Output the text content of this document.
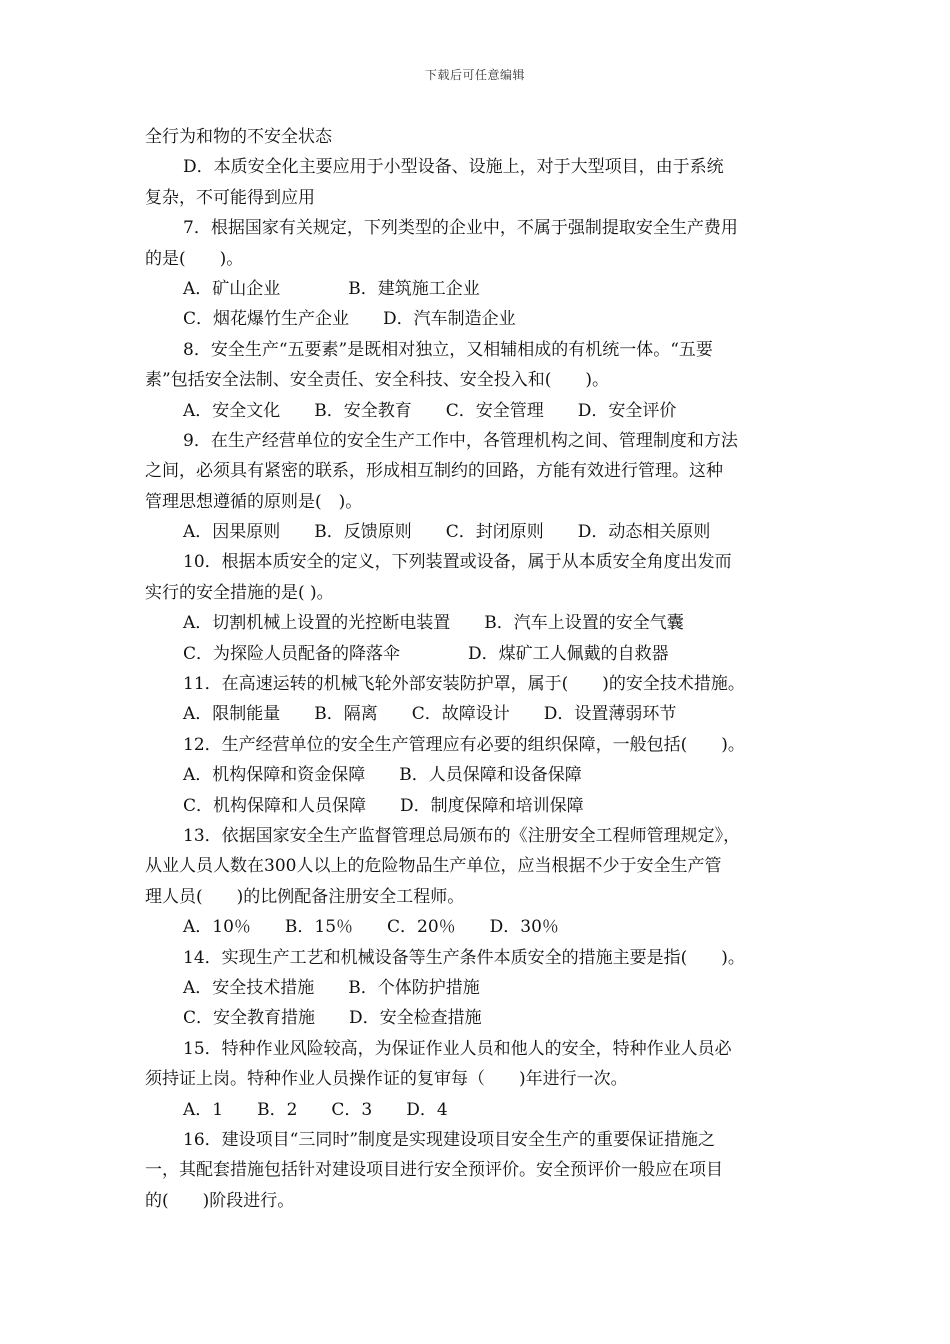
下载后可任意编辑
全行为和物的不安全状态
D．本质安全化主要应用于小型设备、设施上，对于大型项目，由于系统
复杂，不可能得到应用
7．根据国家有关规定，下列类型的企业中，不属于强制提取安全生产费用
的是(　　)。
A．矿山企业　　　　B．建筑施工企业
C．烟花爆竹生产企业　　D．汽车制造企业
8．安全生产“五要素”是既相对独立，又相辅相成的有机统一体。“五要
素”包括安全法制、安全责任、安全科技、安全投入和(　　)。
A．安全文化　　B．安全教育　　C．安全管理　　D．安全评价
9．在生产经营单位的安全生产工作中，各管理机构之间、管理制度和方法
之间，必须具有紧密的联系，形成相互制约的回路，方能有效进行管理。这种
管理思想遵循的原则是(　)。
A．因果原则　　B．反馈原则　　C．封闭原则　　D．动态相关原则
10．根据本质安全的定义，下列装置或设备，属于从本质安全角度出发而
实行的安全措施的是( )。
A．切割机械上设置的光控断电装置　　B．汽车上设置的安全气囊
C．为探险人员配备的降落伞　　　　D．煤矿工人佩戴的自救器
11．在高速运转的机械飞轮外部安装防护罩，属于(　　)的安全技术措施。
A．限制能量　　B．隔离　　C．故障设计　　D．设置薄弱环节
12．生产经营单位的安全生产管理应有必要的组织保障，一般包括(　　)。
A．机构保障和资金保障　　B．人员保障和设备保障
C．机构保障和人员保障　　D．制度保障和培训保障
13．依据国家安全生产监督管理总局颁布的《注册安全工程师管理规定》，
从业人员人数在300人以上的危险物品生产单位，应当根据不少于安全生产管
理人员(　　)的比例配备注册安全工程师。
A．10％　　B．15％　　C．20％　　D．30％
14．实现生产工艺和机械设备等生产条件本质安全的措施主要是指(　　)。
A．安全技术措施　　B．个体防护措施
C．安全教育措施　　D．安全检查措施
15．特种作业风险较高，为保证作业人员和他人的安全，特种作业人员必
须持证上岗。特种作业人员操作证的复审每（　　)年进行一次。
A．1　　B．2　　C．3　　D．4
16．建设项目“三同时”制度是实现建设项目安全生产的重要保证措施之
一，其配套措施包括针对建设项目进行安全预评价。安全预评价一般应在项目
的(　　)阶段进行。
